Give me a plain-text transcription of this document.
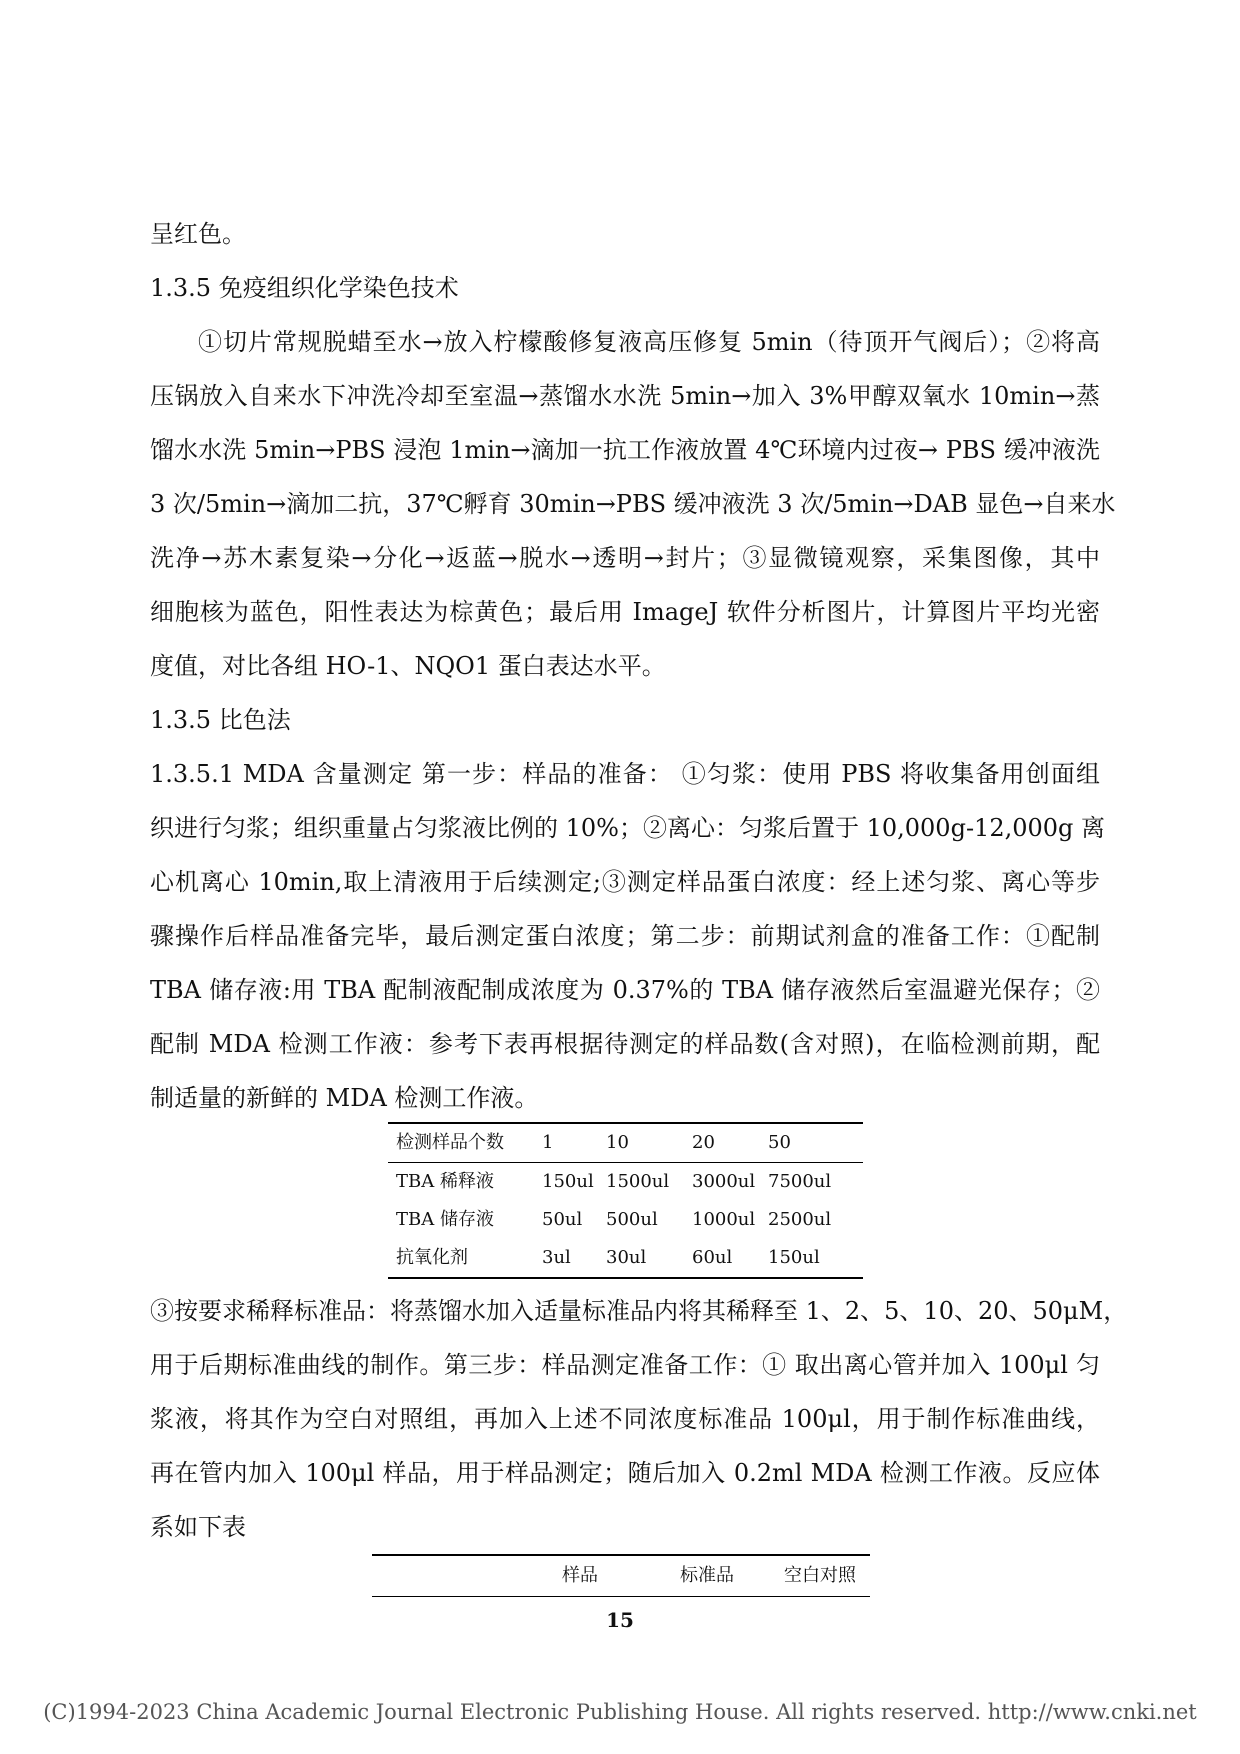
呈红色。
1.3.5 免疫组织化学染色技术
①切片常规脱蜡至水→放入柠檬酸修复液高压修复 5min（待顶开气阀后）；②将高
压锅放入自来水下冲洗冷却至室温→蒸馏水水洗 5min→加入 3%甲醇双氧水 10min→蒸
馏水水洗 5min→PBS 浸泡 1min→滴加一抗工作液放置 4℃环境内过夜→ PBS 缓冲液洗
3 次/5min→滴加二抗，37℃孵育 30min→PBS 缓冲液洗 3 次/5min→DAB 显色→自来水
洗净→苏木素复染→分化→返蓝→脱水→透明→封片；③显微镜观察，采集图像，其中
细胞核为蓝色，阳性表达为棕黄色；最后用 ImageJ 软件分析图片，计算图片平均光密
度值，对比各组 HO-1、NQO1 蛋白表达水平。
1.3.5 比色法
1.3.5.1 MDA 含量测定 第一步：样品的准备： ①匀浆：使用 PBS 将收集备用创面组
织进行匀浆；组织重量占匀浆液比例的 10%；②离心：匀浆后置于 10,000g-12,000g 离
心机离心 10min,取上清液用于后续测定;③测定样品蛋白浓度：经上述匀浆、离心等步
骤操作后样品准备完毕，最后测定蛋白浓度；第二步：前期试剂盒的准备工作：①配制
TBA 储存液:用 TBA 配制液配制成浓度为 0.37%的 TBA 储存液然后室温避光保存；②
配制 MDA 检测工作液：参考下表再根据待测定的样品数(含对照)，在临检测前期，配
制适量的新鲜的 MDA 检测工作液。
检测样品个数	1	10	20	50
TBA 稀释液	150ul 1500ul	3000ul 7500ul
TBA 储存液	50ul	500ul	1000ul 2500ul
抗氧化剂	3ul	30ul	60ul	150ul
③按要求稀释标准品：将蒸馏水加入适量标准品内将其稀释至 1、2、5、10、20、50μM，
用于后期标准曲线的制作。第三步：样品测定准备工作：① 取出离心管并加入 100μl 匀
浆液，将其作为空白对照组，再加入上述不同浓度标准品 100μl，用于制作标准曲线，
再在管内加入 100μl 样品，用于样品测定；随后加入 0.2ml MDA 检测工作液。反应体
系如下表
样品	标准品	空白对照
15
(C)1994-2023 China Academic Journal Electronic Publishing House. All rights reserved. http://www.cnki.net
